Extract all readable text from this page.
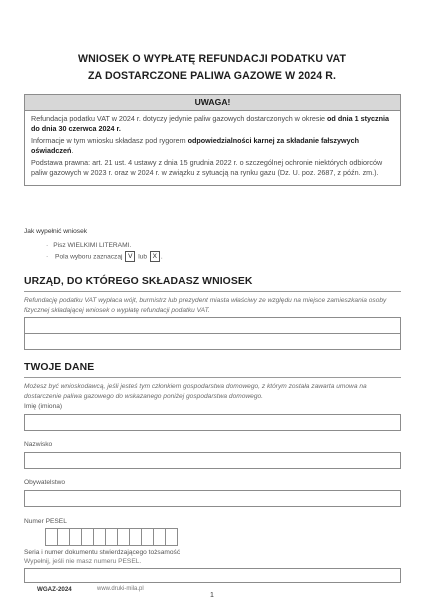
WNIOSEK O WYPŁATĘ REFUNDACJI PODATKU VAT
ZA DOSTARCZONE PALIWA GAZOWE W 2024 R.
UWAGA!

Refundacja podatku VAT w 2024 r. dotyczy jedynie paliw gazowych dostarczonych w okresie od dnia 1 stycznia do dnia 30 czerwca 2024 r.

Informacje w tym wniosku składasz pod rygorem odpowiedzialności karnej za składanie fałszywych oświadczeń.

Podstawa prawna: art. 21 ust. 4 ustawy z dnia 15 grudnia 2022 r. o szczególnej ochronie niektórych odbiorców paliw gazowych w 2023 r. oraz w 2024 r. w związku z sytuacją na rynku gazu (Dz. U. poz. 2687, z późn. zm.).

Jak wypełnić wniosek
· Pisz WIELKIMI LITERAMI.
· Pola wyboru zaznaczaj V lub X .
URZĄD, DO KTÓREGO SKŁADASZ WNIOSEK
Refundację podatku VAT wypłaca wójt, burmistrz lub prezydent miasta właściwy ze względu na miejsce zamieszkania osoby fizycznej składającej wniosek o wypłatę refundacji podatku VAT.
TWOJE DANE
Możesz być wnioskodawcą, jeśli jesteś tym członkiem gospodarstwa domowego, z którym została zawarta umowa na dostarczenie paliwa gazowego do wskazanego poniżej gospodarstwa domowego.
Imię (imiona)
Nazwisko
Obywatelstwo
Numer PESEL
Seria i numer dokumentu stwierdzającego tożsamość
Wypełnij, jeśli nie masz numeru PESEL.
WGAZ-2024	www.druki-mila.pl
1
